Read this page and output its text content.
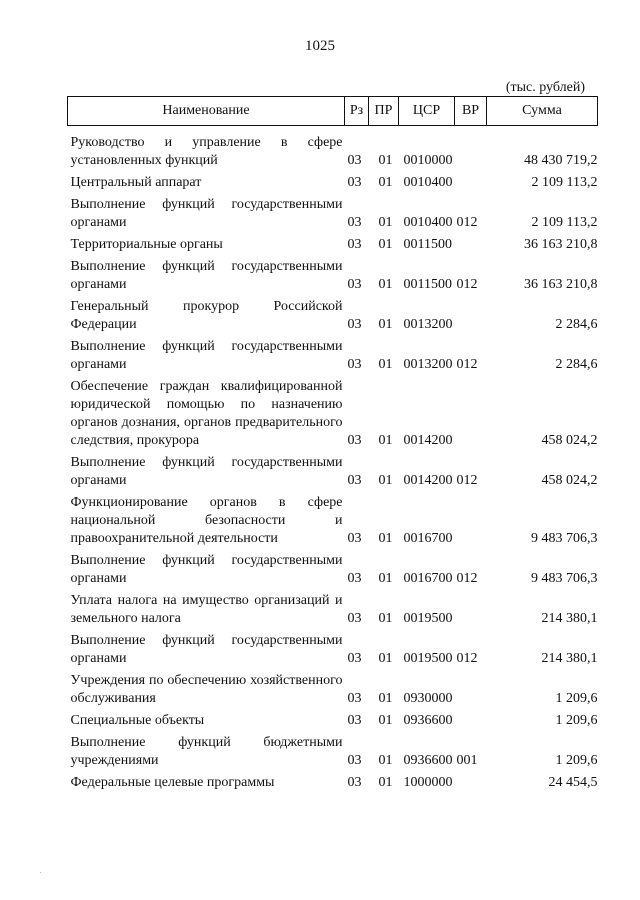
1025
(тыс. рублей)
Наименование	Рз	ПР	ЦСР	ВР	Сумма
Руководство и управление в сфере установленных функций	03	01	0010000		48 430 719,2
Центральный аппарат	03	01	0010400		2 109 113,2
Выполнение функций государственными органами	03	01	0010400	012	2 109 113,2
Территориальные органы	03	01	0011500		36 163 210,8
Выполнение функций государственными органами	03	01	0011500	012	36 163 210,8
Генеральный прокурор Российской Федерации	03	01	0013200		2 284,6
Выполнение функций государственными органами	03	01	0013200	012	2 284,6
Обеспечение граждан квалифицированной юридической помощью по назначению органов дознания, органов предварительного следствия, прокурора	03	01	0014200		458 024,2
Выполнение функций государственными органами	03	01	0014200	012	458 024,2
Функционирование органов в сфере национальной безопасности и правоохранительной деятельности	03	01	0016700		9 483 706,3
Выполнение функций государственными органами	03	01	0016700	012	9 483 706,3
Уплата налога на имущество организаций и земельного налога	03	01	0019500		214 380,1
Выполнение функций государственными органами	03	01	0019500	012	214 380,1
Учреждения по обеспечению хозяйственного обслуживания	03	01	0930000		1 209,6
Специальные объекты	03	01	0936600		1 209,6
Выполнение функций бюджетными учреждениями	03	01	0936600	001	1 209,6
Федеральные целевые программы	03	01	1000000		24 454,5
